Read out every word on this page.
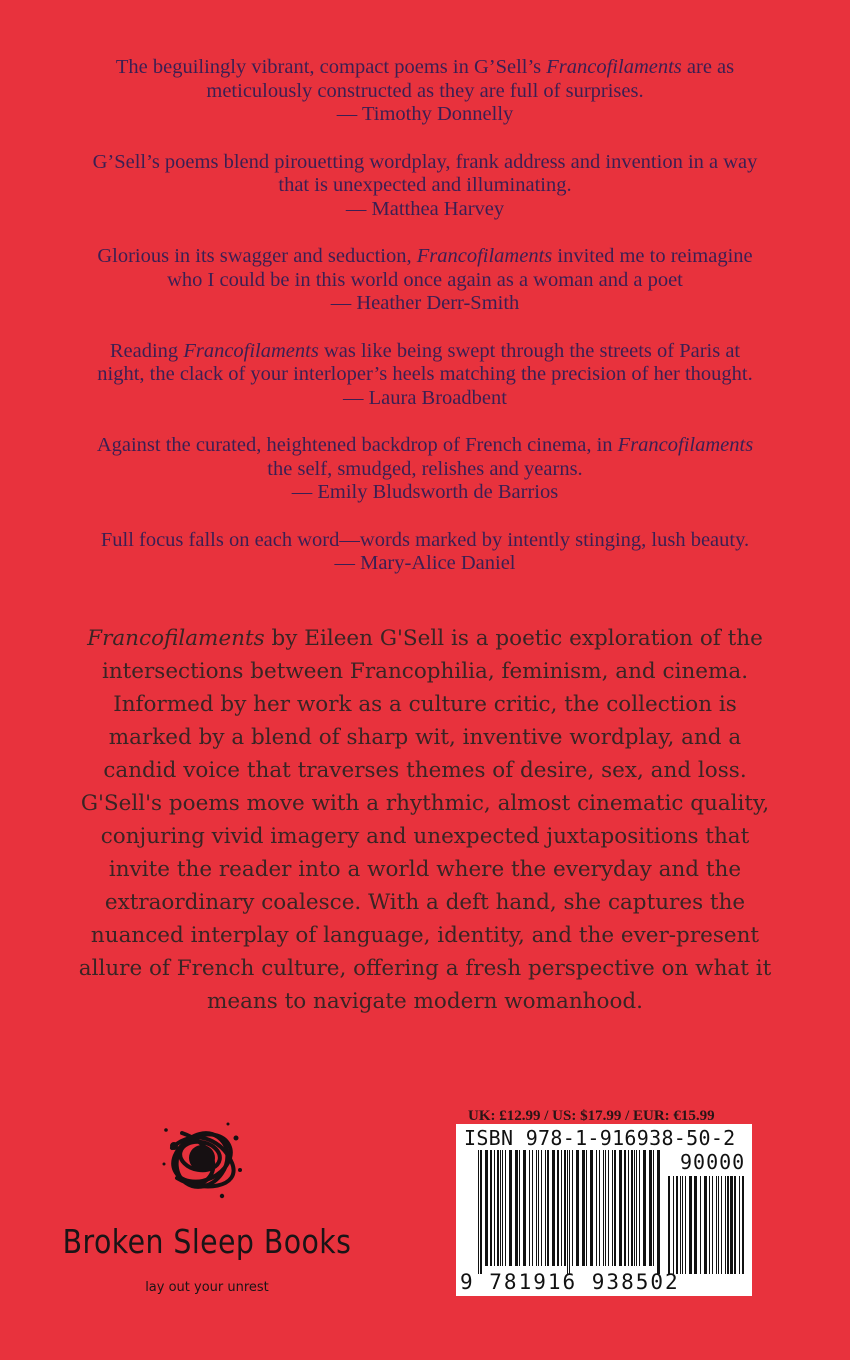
The beguilingly vibrant, compact poems in G’Sell’s Francofilaments are as
meticulously constructed as they are full of surprises.
— Timothy Donnelly
G’Sell’s poems blend pirouetting wordplay, frank address and invention in a way
that is unexpected and illuminating.
— Matthea Harvey
Glorious in its swagger and seduction, Francofilaments invited me to reimagine
who I could be in this world once again as a woman and a poet
— Heather Derr-Smith
Reading Francofilaments was like being swept through the streets of Paris at
night, the clack of your interloper’s heels matching the precision of her thought.
— Laura Broadbent
Against the curated, heightened backdrop of French cinema, in Francofilaments
the self, smudged, relishes and yearns.
— Emily Bludsworth de Barrios
Full focus falls on each word—words marked by intently stinging, lush beauty.
— Mary-Alice Daniel
Francofilaments by Eileen G'Sell is a poetic exploration of the
intersections between Francophilia, feminism, and cinema.
Informed by her work as a culture critic, the collection is
marked by a blend of sharp wit, inventive wordplay, and a
candid voice that traverses themes of desire, sex, and loss.
G'Sell's poems move with a rhythmic, almost cinematic quality,
conjuring vivid imagery and unexpected juxtapositions that
invite the reader into a world where the everyday and the
extraordinary coalesce. With a deft hand, she captures the
nuanced interplay of language, identity, and the ever-present
allure of French culture, offering a fresh perspective on what it
means to navigate modern womanhood.
Broken Sleep Books
lay out your unrest
UK: £12.99 / US: $17.99 / EUR: €15.99
ISBN 978-1-916938-50-2
90000
9 781916 938502
